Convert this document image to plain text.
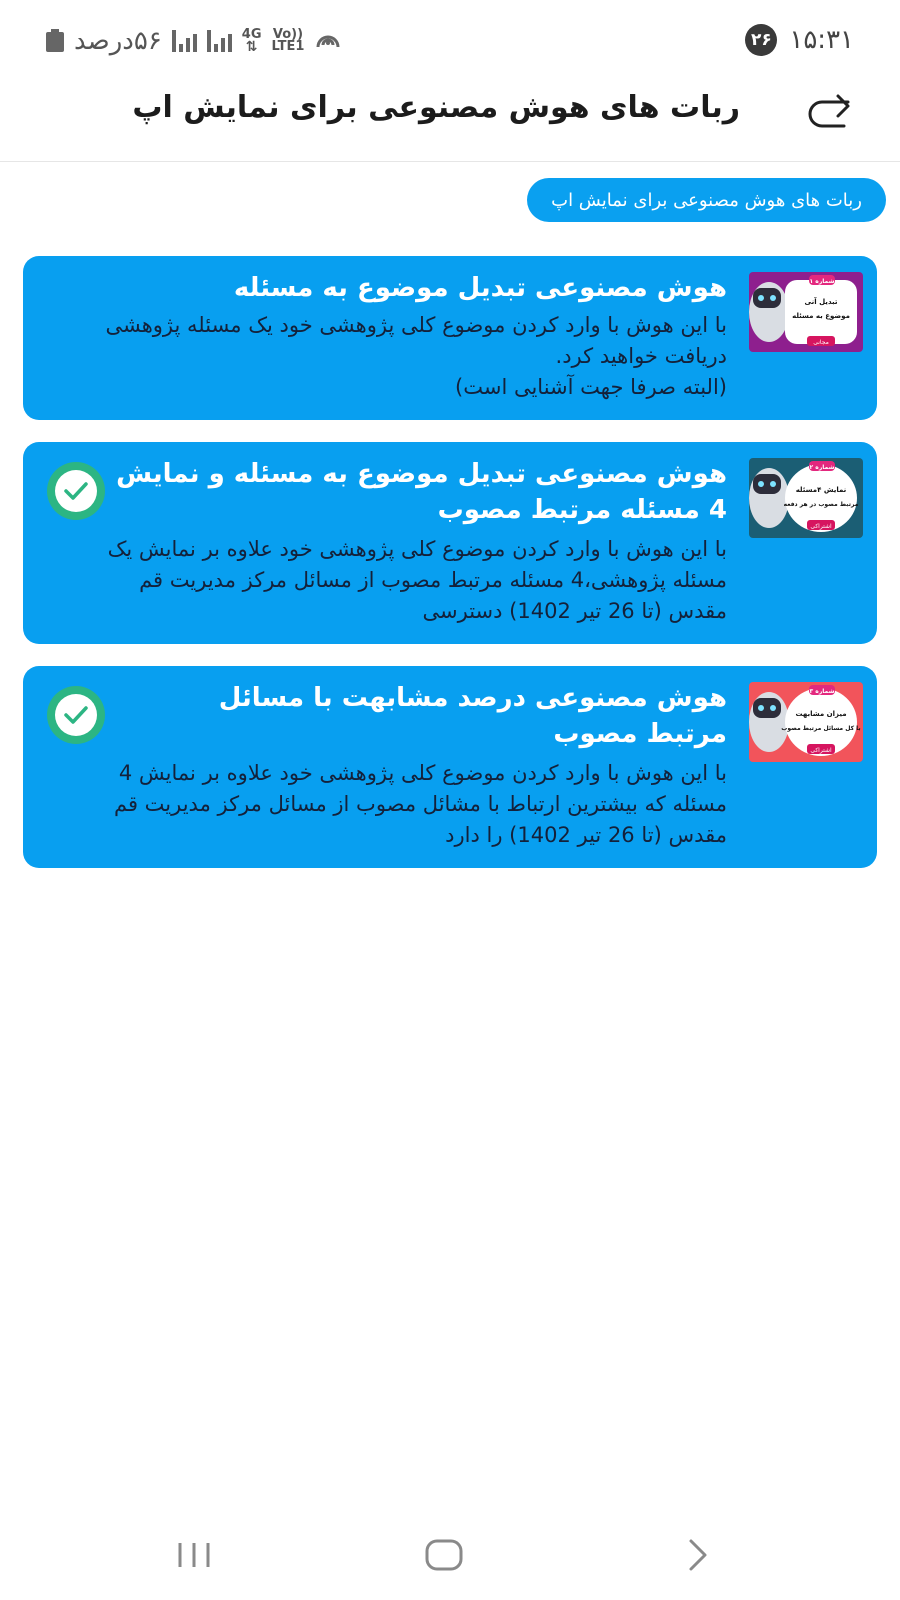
۵۶درصد	4G
⇅
Vo))
LTE1	۲۶ ۱۵:۳۱
ربات های هوش مصنوعی برای نمایش اپ
ربات های هوش مصنوعی برای نمایش اپ
شماره ۱
تبدیل آنی
موضوع به مسئله
مجانی
هوش مصنوعی تبدیل موضوع به مسئله
با این هوش با وارد کردن موضوع کلی پژوهشی خود یک مسئله پژوهشی دریافت خواهید کرد.
(البته صرفا جهت آشنایی است)
شماره ۲
نمایش ۴مسئله
مرتبط مصوب در هر دفعه
اشتراکی
هوش مصنوعی تبدیل موضوع به مسئله و نمایش 4 مسئله مرتبط مصوب
با این هوش با وارد کردن موضوع کلی پژوهشی خود علاوه بر نمایش یک مسئله پژوهشی،4 مسئله مرتبط مصوب از مسائل مرکز مدیریت قم مقدس (تا 26 تیر 1402) دسترسی
شماره ۳
میزان مشابهت
با کل مسائل مرتبط مصوب
اشتراکی
هوش مصنوعی درصد مشابهت با مسائل مرتبط مصوب
با این هوش با وارد کردن موضوع کلی پژوهشی خود علاوه بر نمایش 4 مسئله که بیشترین ارتباط با مشائل مصوب از مسائل مرکز مدیریت قم مقدس (تا 26 تیر 1402) را دارد
